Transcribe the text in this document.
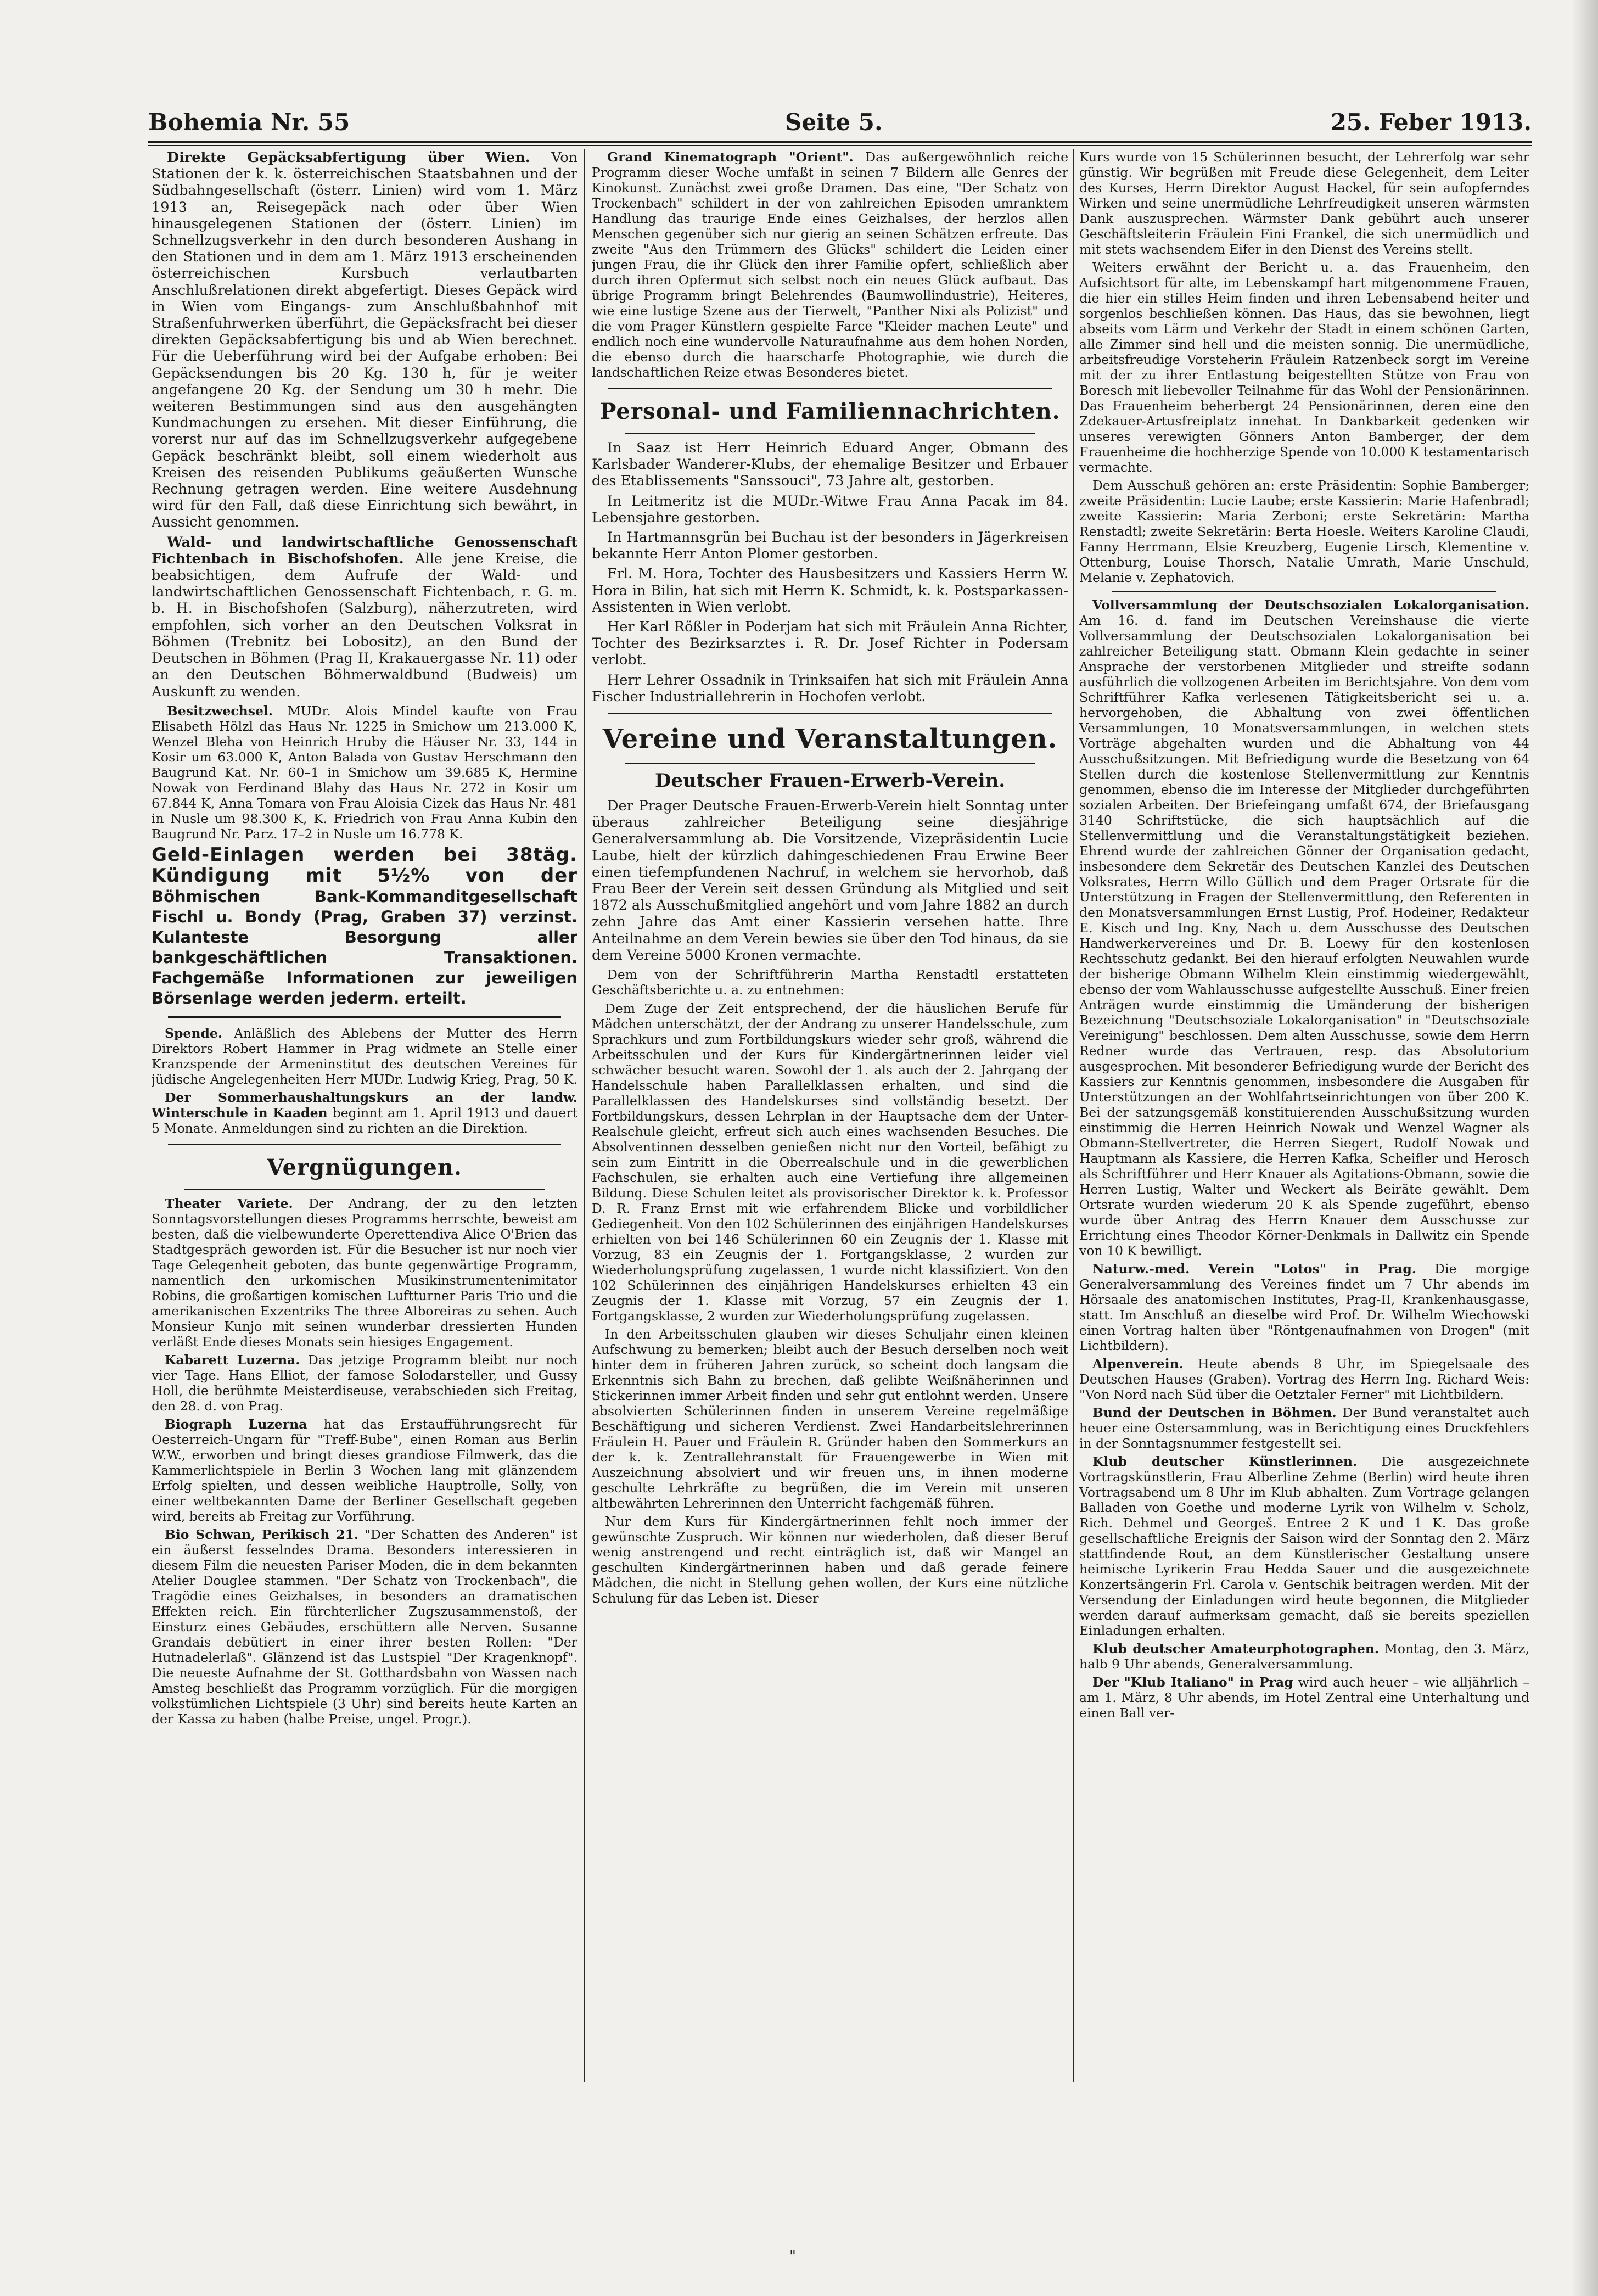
Bohemia Nr. 55	Seite 5.	25. Feber 1913.

Direkte Gepäcksabfertigung über Wien. Von Stationen der k. k. österreichischen Staatsbahnen und der Südbahngesellschaft (österr. Linien) wird vom 1. März 1913 an, Reisegepäck nach oder über Wien hinausgelegenen Stationen der (österr. Linien) im Schnellzugsverkehr in den durch besonderen Aushang in den Stationen und in dem am 1. März 1913 erscheinenden österreichischen Kursbuch verlautbarten Anschlußrelationen direkt abgefertigt. Dieses Gepäck wird in Wien vom Eingangs- zum Anschlußbahnhof mit Straßenfuhrwerken überführt, die Gepäcksfracht bei dieser direkten Gepäcksabfertigung bis und ab Wien berechnet. Für die Ueberführung wird bei der Aufgabe erhoben: Bei Gepäcksendungen bis 20 Kg. 130 h, für je weiter angefangene 20 Kg. der Sendung um 30 h mehr. Die weiteren Bestimmungen sind aus den ausgehängten Kundmachungen zu ersehen. Mit dieser Einführung, die vorerst nur auf das im Schnellzugsverkehr aufgegebene Gepäck beschränkt bleibt, soll einem wiederholt aus Kreisen des reisenden Publikums geäußerten Wunsche Rechnung getragen werden. Eine weitere Ausdehnung wird für den Fall, daß diese Einrichtung sich bewährt, in Aussicht genommen.

Wald- und landwirtschaftliche Genossenschaft Fichtenbach in Bischofshofen. Alle jene Kreise, die beabsichtigen, dem Aufrufe der Wald- und landwirtschaftlichen Genossenschaft Fichtenbach, r. G. m. b. H. in Bischofshofen (Salzburg), näherzutreten, wird empfohlen, sich vorher an den Deutschen Volksrat in Böhmen (Trebnitz bei Lobositz), an den Bund der Deutschen in Böhmen (Prag II, Krakauergasse Nr. 11) oder an den Deutschen Böhmerwaldbund (Budweis) um Auskunft zu wenden.

Besitzwechsel. MUDr. Alois Mindel kaufte von Frau Elisabeth Hölzl das Haus Nr. 1225 in Smichow um 213.000 K, Wenzel Bleha von Heinrich Hruby die Häuser Nr. 33, 144 in Kosir um 63.000 K, Anton Balada von Gustav Herschmann den Baugrund Kat. Nr. 60–1 in Smichow um 39.685 K, Hermine Nowak von Ferdinand Blahy das Haus Nr. 272 in Kosir um 67.844 K, Anna Tomara von Frau Aloisia Cizek das Haus Nr. 481 in Nusle um 98.300 K, K. Friedrich von Frau Anna Kubin den Baugrund Nr. Parz. 17–2 in Nusle um 16.778 K.

Geld-Einlagen werden bei 38täg. Kündigung mit 5½% von der Böhmischen Bank-Kommanditgesellschaft Fischl u. Bondy (Prag, Graben 37) verzinst. Kulanteste Besorgung aller bankgeschäftlichen Transaktionen. Fachgemäße Informationen zur jeweiligen Börsenlage werden jederm. erteilt.

Spende. Anläßlich des Ablebens der Mutter des Herrn Direktors Robert Hammer in Prag widmete an Stelle einer Kranzspende der Armeninstitut des deutschen Vereines für jüdische Angelegenheiten Herr MUDr. Ludwig Krieg, Prag, 50 K.

Der Sommerhaushaltungskurs an der landw. Winterschule in Kaaden beginnt am 1. April 1913 und dauert 5 Monate. Anmeldungen sind zu richten an die Direktion.

Vergnügungen.

Theater Variete. Der Andrang, der zu den letzten Sonntagsvorstellungen dieses Programms herrschte, beweist am besten, daß die vielbewunderte Operettendiva Alice O'Brien das Stadtgespräch geworden ist. Für die Besucher ist nur noch vier Tage Gelegenheit geboten, das bunte gegenwärtige Programm, namentlich den urkomischen Musikinstrumentenimitator Robins, die großartigen komischen Luftturner Paris Trio und die amerikanischen Exzentriks The three Alboreiras zu sehen. Auch Monsieur Kunjo mit seinen wunderbar dressierten Hunden verläßt Ende dieses Monats sein hiesiges Engagement.

Kabarett Luzerna. Das jetzige Programm bleibt nur noch vier Tage. Hans Elliot, der famose Solodarsteller, und Gussy Holl, die berühmte Meisterdiseuse, verabschieden sich Freitag, den 28. d. von Prag.

Biograph Luzerna hat das Erstaufführungsrecht für Oesterreich-Ungarn für "Treff-Bube", einen Roman aus Berlin W.W., erworben und bringt dieses grandiose Filmwerk, das die Kammerlichtspiele in Berlin 3 Wochen lang mit glänzendem Erfolg spielten, und dessen weibliche Hauptrolle, Solly, von einer weltbekannten Dame der Berliner Gesellschaft gegeben wird, bereits ab Freitag zur Vorführung.

Bio Schwan, Perikisch 21. "Der Schatten des Anderen" ist ein äußerst fesselndes Drama. Besonders interessieren in diesem Film die neuesten Pariser Moden, die in dem bekannten Atelier Douglee stammen. "Der Schatz von Trockenbach", die Tragödie eines Geizhalses, in besonders an dramatischen Effekten reich. Ein fürchterlicher Zugszusammenstoß, der Einsturz eines Gebäudes, erschüttern alle Nerven. Susanne Grandais debütiert in einer ihrer besten Rollen: "Der Hutnadelerlaß". Glänzend ist das Lustspiel "Der Kragenknopf". Die neueste Aufnahme der St. Gotthardsbahn von Wassen nach Amsteg beschließt das Programm vorzüglich. Für die morgigen volkstümlichen Lichtspiele (3 Uhr) sind bereits heute Karten an der Kassa zu haben (halbe Preise, ungel. Progr.).

Grand Kinematograph "Orient". Das außergewöhnlich reiche Programm dieser Woche umfaßt in seinen 7 Bildern alle Genres der Kinokunst. Zunächst zwei große Dramen. Das eine, "Der Schatz von Trockenbach" schildert in der von zahlreichen Episoden umranktem Handlung das traurige Ende eines Geizhalses, der herzlos allen Menschen gegenüber sich nur gierig an seinen Schätzen erfreute. Das zweite "Aus den Trümmern des Glücks" schildert die Leiden einer jungen Frau, die ihr Glück den ihrer Familie opfert, schließlich aber durch ihren Opfermut sich selbst noch ein neues Glück aufbaut. Das übrige Programm bringt Belehrendes (Baumwollindustrie), Heiteres, wie eine lustige Szene aus der Tierwelt, "Panther Nixi als Polizist" und die vom Prager Künstlern gespielte Farce "Kleider machen Leute" und endlich noch eine wundervolle Naturaufnahme aus dem hohen Norden, die ebenso durch die haarscharfe Photographie, wie durch die landschaftlichen Reize etwas Besonderes bietet.

Personal- und Familiennachrichten.

In Saaz ist Herr Heinrich Eduard Anger, Obmann des Karlsbader Wanderer-Klubs, der ehemalige Besitzer und Erbauer des Etablissements "Sanssouci", 73 Jahre alt, gestorben.

In Leitmeritz ist die MUDr.-Witwe Frau Anna Pacak im 84. Lebensjahre gestorben.

In Hartmannsgrün bei Buchau ist der besonders in Jägerkreisen bekannte Herr Anton Plomer gestorben.

Frl. M. Hora, Tochter des Hausbesitzers und Kassiers Herrn W. Hora in Bilin, hat sich mit Herrn K. Schmidt, k. k. Postsparkassen-Assistenten in Wien verlobt.

Her Karl Rößler in Poderjam hat sich mit Fräulein Anna Richter, Tochter des Bezirksarztes i. R. Dr. Josef Richter in Podersam verlobt.

Herr Lehrer Ossadnik in Trinksaifen hat sich mit Fräulein Anna Fischer Industriallehrerin in Hochofen verlobt.

Vereine und Veranstaltungen.
Deutscher Frauen-Erwerb-Verein.

Der Prager Deutsche Frauen-Erwerb-Verein hielt Sonntag unter überaus zahlreicher Beteiligung seine diesjährige Generalversammlung ab. Die Vorsitzende, Vizepräsidentin Lucie Laube, hielt der kürzlich dahingeschiedenen Frau Erwine Beer einen tiefempfundenen Nachruf, in welchem sie hervorhob, daß Frau Beer der Verein seit dessen Gründung als Mitglied und seit 1872 als Ausschußmitglied angehört und vom Jahre 1882 an durch zehn Jahre das Amt einer Kassierin versehen hatte. Ihre Anteilnahme an dem Verein bewies sie über den Tod hinaus, da sie dem Vereine 5000 Kronen vermachte.

Dem von der Schriftführerin Martha Renstadtl erstatteten Geschäftsberichte u. a. zu entnehmen:

Dem Zuge der Zeit entsprechend, der die häuslichen Berufe für Mädchen unterschätzt, der der Andrang zu unserer Handelsschule, zum Sprachkurs und zum Fortbildungskurs wieder sehr groß, während die Arbeitsschulen und der Kurs für Kindergärtnerinnen leider viel schwächer besucht waren. Sowohl der 1. als auch der 2. Jahrgang der Handelsschule haben Parallelklassen erhalten, und sind die Parallelklassen des Handelskurses sind vollständig besetzt. Der Fortbildungskurs, dessen Lehrplan in der Hauptsache dem der Unter-Realschule gleicht, erfreut sich auch eines wachsenden Besuches. Die Absolventinnen desselben genießen nicht nur den Vorteil, befähigt zu sein zum Eintritt in die Oberrealschule und in die gewerblichen Fachschulen, sie erhalten auch eine Vertiefung ihre allgemeinen Bildung. Diese Schulen leitet als provisorischer Direktor k. k. Professor D. R. Franz Ernst mit wie erfahrendem Blicke und vorbildlicher Gediegenheit. Von den 102 Schülerinnen des einjährigen Handelskurses erhielten von bei 146 Schülerinnen 60 ein Zeugnis der 1. Klasse mit Vorzug, 83 ein Zeugnis der 1. Fortgangsklasse, 2 wurden zur Wiederholungsprüfung zugelassen, 1 wurde nicht klassifiziert. Von den 102 Schülerinnen des einjährigen Handelskurses erhielten 43 ein Zeugnis der 1. Klasse mit Vorzug, 57 ein Zeugnis der 1. Fortgangsklasse, 2 wurden zur Wiederholungsprüfung zugelassen.

In den Arbeitsschulen glauben wir dieses Schuljahr einen kleinen Aufschwung zu bemerken; bleibt auch der Besuch derselben noch weit hinter dem in früheren Jahren zurück, so scheint doch langsam die Erkenntnis sich Bahn zu brechen, daß gelibte Weißnäherinnen und Stickerinnen immer Arbeit finden und sehr gut entlohnt werden. Unsere absolvierten Schülerinnen finden in unserem Vereine regelmäßige Beschäftigung und sicheren Verdienst. Zwei Handarbeitslehrerinnen Fräulein H. Pauer und Fräulein R. Gründer haben den Sommerkurs an der k. k. Zentrallehranstalt für Frauengewerbe in Wien mit Auszeichnung absolviert und wir freuen uns, in ihnen moderne geschulte Lehrkräfte zu begrüßen, die im Verein mit unseren altbewährten Lehrerinnen den Unterricht fachgemäß führen.

Nur dem Kurs für Kindergärtnerinnen fehlt noch immer der gewünschte Zuspruch. Wir können nur wiederholen, daß dieser Beruf wenig anstrengend und recht einträglich ist, daß wir Mangel an geschulten Kindergärtnerinnen haben und daß gerade feinere Mädchen, die nicht in Stellung gehen wollen, der Kurs eine nützliche Schulung für das Leben ist. Dieser

Kurs wurde von 15 Schülerinnen besucht, der Lehrerfolg war sehr günstig. Wir begrüßen mit Freude diese Gelegenheit, dem Leiter des Kurses, Herrn Direktor August Hackel, für sein aufopferndes Wirken und seine unermüdliche Lehrfreudigkeit unseren wärmsten Dank auszusprechen. Wärmster Dank gebührt auch unserer Geschäftsleiterin Fräulein Fini Frankel, die sich unermüdlich und mit stets wachsendem Eifer in den Dienst des Vereins stellt.

Weiters erwähnt der Bericht u. a. das Frauenheim, den Aufsichtsort für alte, im Lebenskampf hart mitgenommene Frauen, die hier ein stilles Heim finden und ihren Lebensabend heiter und sorgenlos beschließen können. Das Haus, das sie bewohnen, liegt abseits vom Lärm und Verkehr der Stadt in einem schönen Garten, alle Zimmer sind hell und die meisten sonnig. Die unermüdliche, arbeitsfreudige Vorsteherin Fräulein Ratzenbeck sorgt im Vereine mit der zu ihrer Entlastung beigestellten Stütze von Frau von Boresch mit liebevoller Teilnahme für das Wohl der Pensionärinnen. Das Frauenheim beherbergt 24 Pensionärinnen, deren eine den Zdekauer-Artusfreiplatz innehat. In Dankbarkeit gedenken wir unseres verewigten Gönners Anton Bamberger, der dem Frauenheime die hochherzige Spende von 10.000 K testamentarisch vermachte.

Dem Ausschuß gehören an: erste Präsidentin: Sophie Bamberger; zweite Präsidentin: Lucie Laube; erste Kassierin: Marie Hafenbradl; zweite Kassierin: Maria Zerboni; erste Sekretärin: Martha Renstadtl; zweite Sekretärin: Berta Hoesle. Weiters Karoline Claudi, Fanny Herrmann, Elsie Kreuzberg, Eugenie Lirsch, Klementine v. Ottenburg, Louise Thorsch, Natalie Umrath, Marie Unschuld, Melanie v. Zephatovich.

Vollversammlung der Deutschsozialen Lokalorganisation. Am 16. d. fand im Deutschen Vereinshause die vierte Vollversammlung der Deutschsozialen Lokalorganisation bei zahlreicher Beteiligung statt. Obmann Klein gedachte in seiner Ansprache der verstorbenen Mitglieder und streifte sodann ausführlich die vollzogenen Arbeiten im Berichtsjahre. Von dem vom Schriftführer Kafka verlesenen Tätigkeitsbericht sei u. a. hervorgehoben, die Abhaltung von zwei öffentlichen Versammlungen, 10 Monatsversammlungen, in welchen stets Vorträge abgehalten wurden und die Abhaltung von 44 Ausschußsitzungen. Mit Befriedigung wurde die Besetzung von 64 Stellen durch die kostenlose Stellenvermittlung zur Kenntnis genommen, ebenso die im Interesse der Mitglieder durchgeführten sozialen Arbeiten. Der Briefeingang umfaßt 674, der Briefausgang 3140 Schriftstücke, die sich hauptsächlich auf die Stellenvermittlung und die Veranstaltungstätigkeit beziehen. Ehrend wurde der zahlreichen Gönner der Organisation gedacht, insbesondere dem Sekretär des Deutschen Kanzlei des Deutschen Volksrates, Herrn Willo Güllich und dem Prager Ortsrate für die Unterstützung in Fragen der Stellenvermittlung, den Referenten in den Monatsversammlungen Ernst Lustig, Prof. Hodeiner, Redakteur E. Kisch und Ing. Kny, Nach u. dem Ausschusse des Deutschen Handwerkervereines und Dr. B. Loewy für den kostenlosen Rechtsschutz gedankt. Bei den hierauf erfolgten Neuwahlen wurde der bisherige Obmann Wilhelm Klein einstimmig wiedergewählt, ebenso der vom Wahlausschusse aufgestellte Ausschuß. Einer freien Anträgen wurde einstimmig die Umänderung der bisherigen Bezeichnung "Deutschsoziale Lokalorganisation" in "Deutschsoziale Vereinigung" beschlossen. Dem alten Ausschusse, sowie dem Herrn Redner wurde das Vertrauen, resp. das Absolutorium ausgesprochen. Mit besonderer Befriedigung wurde der Bericht des Kassiers zur Kenntnis genommen, insbesondere die Ausgaben für Unterstützungen an der Wohlfahrtseinrichtungen von über 200 K. Bei der satzungsgemäß konstituierenden Ausschußsitzung wurden einstimmig die Herren Heinrich Nowak und Wenzel Wagner als Obmann-Stellvertreter, die Herren Siegert, Rudolf Nowak und Hauptmann als Kassiere, die Herren Kafka, Scheifler und Herosch als Schriftführer und Herr Knauer als Agitations-Obmann, sowie die Herren Lustig, Walter und Weckert als Beiräte gewählt. Dem Ortsrate wurden wiederum 20 K als Spende zugeführt, ebenso wurde über Antrag des Herrn Knauer dem Ausschusse zur Errichtung eines Theodor Körner-Denkmals in Dallwitz ein Spende von 10 K bewilligt.

Naturw.-med. Verein "Lotos" in Prag. Die morgige Generalversammlung des Vereines findet um 7 Uhr abends im Hörsaale des anatomischen Institutes, Prag-II, Krankenhausgasse, statt. Im Anschluß an dieselbe wird Prof. Dr. Wilhelm Wiechowski einen Vortrag halten über "Röntgenaufnahmen von Drogen" (mit Lichtbildern).

Alpenverein. Heute abends 8 Uhr, im Spiegelsaale des Deutschen Hauses (Graben). Vortrag des Herrn Ing. Richard Weis: "Von Nord nach Süd über die Oetztaler Ferner" mit Lichtbildern.

Bund der Deutschen in Böhmen. Der Bund veranstaltet auch heuer eine Ostersammlung, was in Berichtigung eines Druckfehlers in der Sonntagsnummer festgestellt sei.

Klub deutscher Künstlerinnen. Die ausgezeichnete Vortragskünstlerin, Frau Alberline Zehme (Berlin) wird heute ihren Vortragsabend um 8 Uhr im Klub abhalten. Zum Vortrage gelangen Balladen von Goethe und moderne Lyrik von Wilhelm v. Scholz, Rich. Dehmel und Georgeš. Entree 2 K und 1 K. Das große gesellschaftliche Ereignis der Saison wird der Sonntag den 2. März stattfindende Rout, an dem Künstlerischer Gestaltung unsere heimische Lyrikerin Frau Hedda Sauer und die ausgezeichnete Konzertsängerin Frl. Carola v. Gentschik beitragen werden. Mit der Versendung der Einladungen wird heute begonnen, die Mitglieder werden darauf aufmerksam gemacht, daß sie bereits speziellen Einladungen erhalten.

Klub deutscher Amateurphotographen. Montag, den 3. März, halb 9 Uhr abends, Generalversammlung.

Der "Klub Italiano" in Prag wird auch heuer – wie alljährlich – am 1. März, 8 Uhr abends, im Hotel Zentral eine Unterhaltung und einen Ball ver-

"
